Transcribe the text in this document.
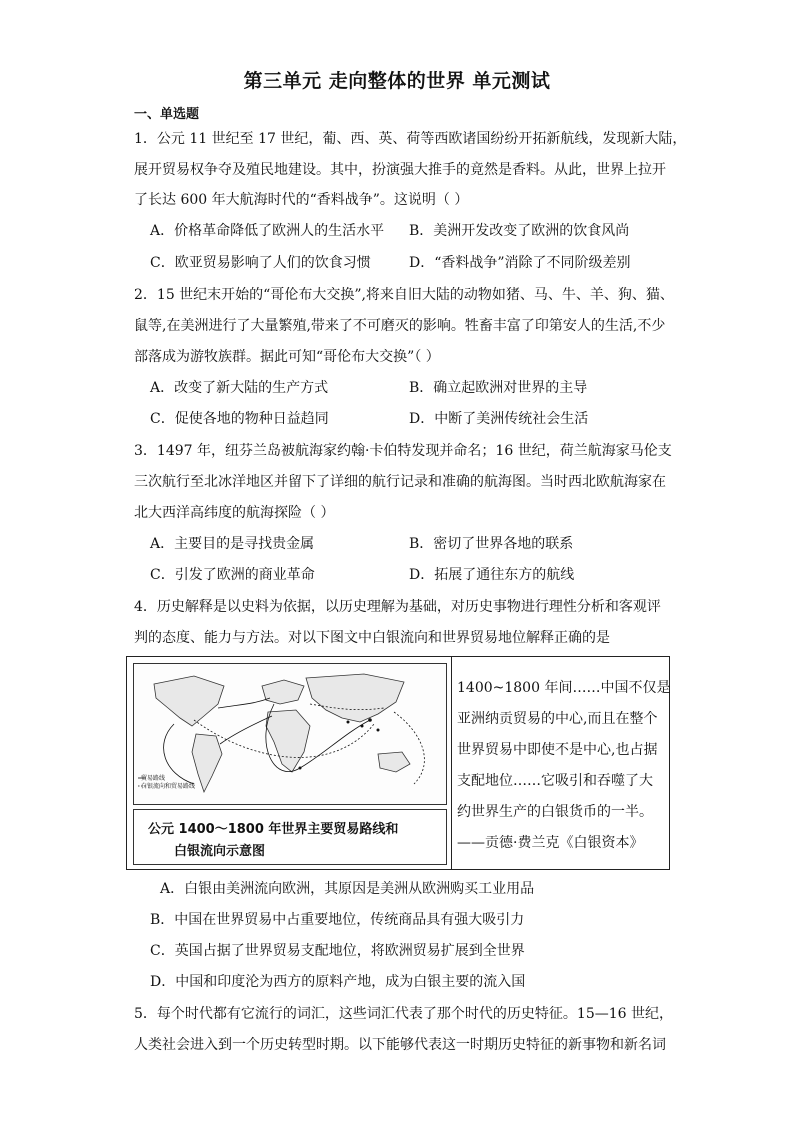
第三单元 走向整体的世界 单元测试
一、单选题
1．公元 11 世纪至 17 世纪，葡、西、英、荷等西欧诸国纷纷开拓新航线，发现新大陆，
展开贸易权争夺及殖民地建设。其中，扮演强大推手的竟然是香料。从此，世界上拉开
了长达 600 年大航海时代的“香料战争”。这说明（ ）
A．价格革命降低了欧洲人的生活水平 B．美洲开发改变了欧洲的饮食风尚
C．欧亚贸易影响了人们的饮食习惯	D．“香料战争”消除了不同阶级差别
2．15 世纪末开始的“哥伦布大交换”,将来自旧大陆的动物如猪、马、牛、羊、狗、猫、
鼠等,在美洲进行了大量繁殖,带来了不可磨灭的影响。牲畜丰富了印第安人的生活,不少
部落成为游牧族群。据此可知“哥伦布大交换”（ ）
A．改变了新大陆的生产方式	B．确立起欧洲对世界的主导
C．促使各地的物种日益趋同	D．中断了美洲传统社会生活
3．1497 年，纽芬兰岛被航海家约翰·卡伯特发现并命名；16 世纪，荷兰航海家马伦支
三次航行至北冰洋地区并留下了详细的航行记录和准确的航海图。当时西北欧航海家在
北大西洋高纬度的航海探险（ ）
A．主要目的是寻找贵金属	B．密切了世界各地的联系
C．引发了欧洲的商业革命	D．拓展了通往东方的航线
4．历史解释是以史料为依据，以历史理解为基础，对历史事物进行理性分析和客观评
判的态度、能力与方法。对以下图文中白银流向和世界贸易地位解释正确的是
贸易路线
白银流向和贸易路线
公元 1400～1800 年世界主要贸易路线和
白银流向示意图
1400~1800 年间……中国不仅是
亚洲纳贡贸易的中心,而且在整个
世界贸易中即使不是中心,也占据
支配地位……它吸引和吞噬了大
约世界生产的白银货币的一半。
——贡德·费兰克《白银资本》
A．白银由美洲流向欧洲，其原因是美洲从欧洲购买工业用品
B．中国在世界贸易中占重要地位，传统商品具有强大吸引力
C．英国占据了世界贸易支配地位，将欧洲贸易扩展到全世界
D．中国和印度沦为西方的原料产地，成为白银主要的流入国
5．每个时代都有它流行的词汇，这些词汇代表了那个时代的历史特征。15—16 世纪，
人类社会进入到一个历史转型时期。以下能够代表这一时期历史特征的新事物和新名词
